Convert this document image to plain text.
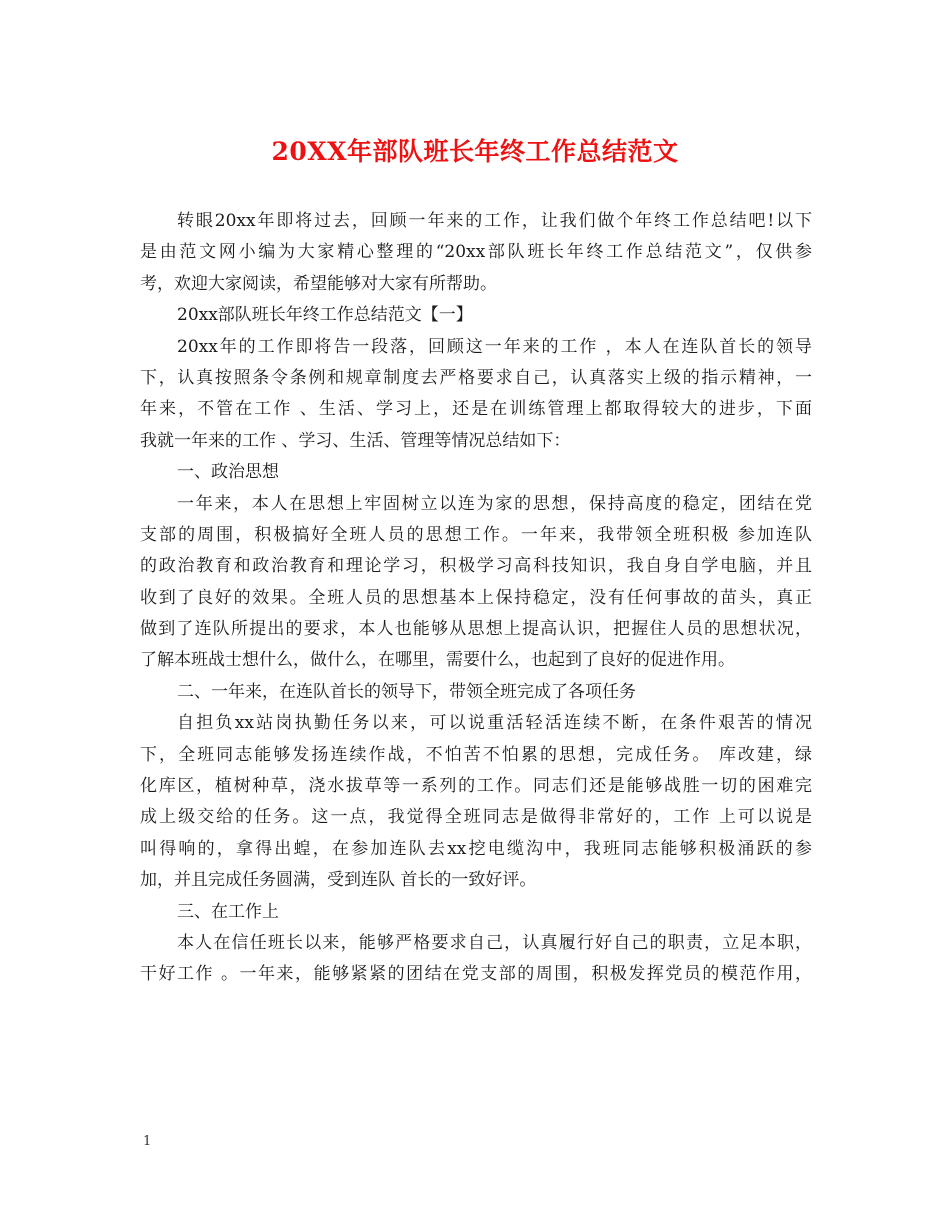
20XX年部队班长年终工作总结范文
转眼20xx年即将过去，回顾一年来的工作，让我们做个年终工作总结吧!以下
是由范文网小编为大家精心整理的“20xx部队班长年终工作总结范文”，仅供参
考，欢迎大家阅读，希望能够对大家有所帮助。
20xx部队班长年终工作总结范文【一】
20xx年的工作即将告一段落，回顾这一年来的工作 ，本人在连队首长的领导
下，认真按照条令条例和规章制度去严格要求自己，认真落实上级的指示精神，一
年来，不管在工作 、生活、学习上，还是在训练管理上都取得较大的进步，下面
我就一年来的工作 、学习、生活、管理等情况总结如下：
一、政治思想
一年来，本人在思想上牢固树立以连为家的思想，保持高度的稳定，团结在党
支部的周围，积极搞好全班人员的思想工作。一年来，我带领全班积极 参加连队
的政治教育和政治教育和理论学习，积极学习高科技知识，我自身自学电脑，并且
收到了良好的效果。全班人员的思想基本上保持稳定，没有任何事故的苗头，真正
做到了连队所提出的要求，本人也能够从思想上提高认识，把握住人员的思想状况，
了解本班战士想什么，做什么，在哪里，需要什么，也起到了良好的促进作用。
二、一年来，在连队首长的领导下，带领全班完成了各项任务
自担负xx站岗执勤任务以来，可以说重活轻活连续不断，在条件艰苦的情况
下，全班同志能够发扬连续作战，不怕苦不怕累的思想，完成任务。 库改建，绿
化库区，植树种草，浇水拔草等一系列的工作。同志们还是能够战胜一切的困难完
成上级交给的任务。这一点，我觉得全班同志是做得非常好的，工作 上可以说是
叫得响的，拿得出蝗，在参加连队去xx挖电缆沟中，我班同志能够积极涌跃的参
加，并且完成任务圆满，受到连队 首长的一致好评。
三、在工作上
本人在信任班长以来，能够严格要求自己，认真履行好自己的职责，立足本职，
干好工作 。一年来，能够紧紧的团结在党支部的周围，积极发挥党员的模范作用，
1
